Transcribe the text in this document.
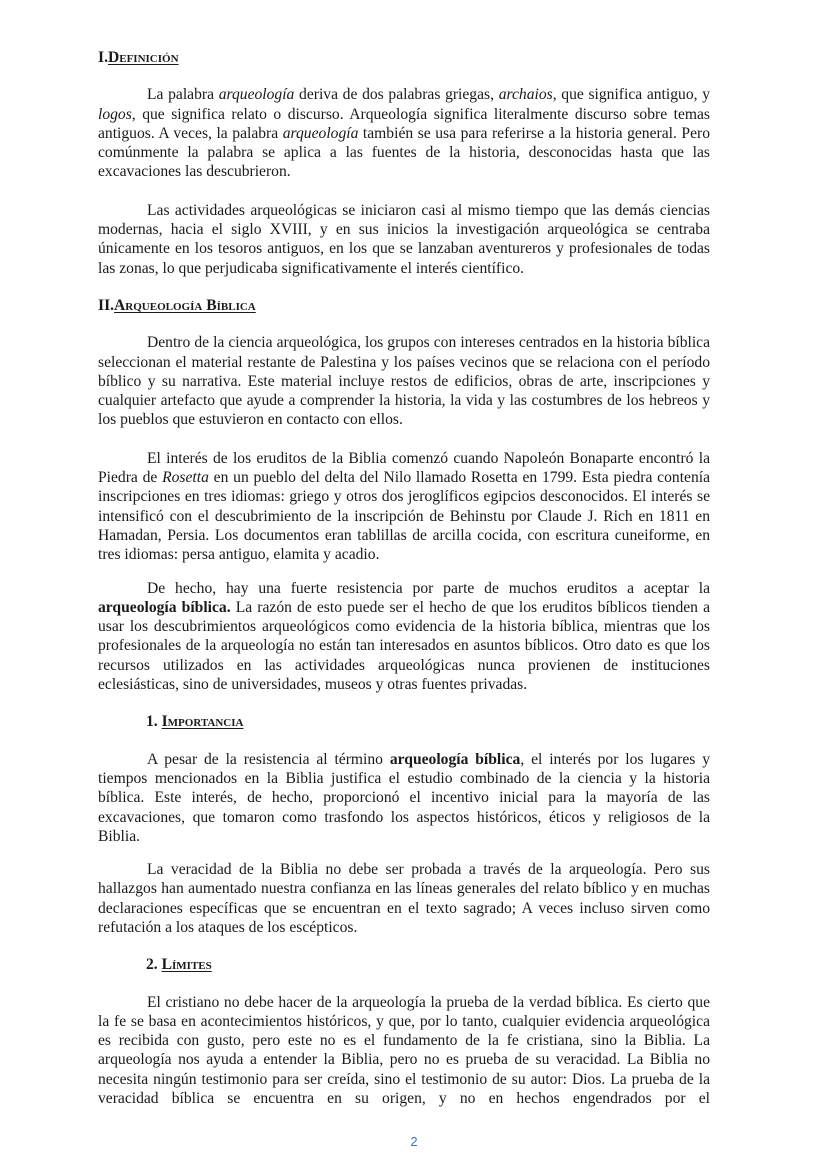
I.Definición

La palabra arqueología deriva de dos palabras griegas, archaios, que significa antiguo, y logos, que significa relato o discurso. Arqueología significa literalmente discurso sobre temas antiguos. A veces, la palabra arqueología también se usa para referirse a la historia general. Pero comúnmente la palabra se aplica a las fuentes de la historia, desconocidas hasta que las excavaciones las descubrieron.

Las actividades arqueológicas se iniciaron casi al mismo tiempo que las demás ciencias modernas, hacia el siglo XVIII, y en sus inicios la investigación arqueológica se centraba únicamente en los tesoros antiguos, en los que se lanzaban aventureros y profesionales de todas las zonas, lo que perjudicaba significativamente el interés científico.

II.Arqueología Bíblica

Dentro de la ciencia arqueológica, los grupos con intereses centrados en la historia bíblica seleccionan el material restante de Palestina y los países vecinos que se relaciona con el período bíblico y su narrativa. Este material incluye restos de edificios, obras de arte, inscripciones y cualquier artefacto que ayude a comprender la historia, la vida y las costumbres de los hebreos y los pueblos que estuvieron en contacto con ellos.

El interés de los eruditos de la Biblia comenzó cuando Napoleón Bonaparte encontró la Piedra de Rosetta en un pueblo del delta del Nilo llamado Rosetta en 1799. Esta piedra contenía inscripciones en tres idiomas: griego y otros dos jeroglíficos egipcios desconocidos. El interés se intensificó con el descubrimiento de la inscripción de Behinstu por Claude J. Rich en 1811 en Hamadan, Persia. Los documentos eran tablillas de arcilla cocida, con escritura cuneiforme, en tres idiomas: persa antiguo, elamita y acadio.

De hecho, hay una fuerte resistencia por parte de muchos eruditos a aceptar la arqueología bíblica. La razón de esto puede ser el hecho de que los eruditos bíblicos tienden a usar los descubrimientos arqueológicos como evidencia de la historia bíblica, mientras que los profesionales de la arqueología no están tan interesados en asuntos bíblicos. Otro dato es que los recursos utilizados en las actividades arqueológicas nunca provienen de instituciones eclesiásticas, sino de universidades, museos y otras fuentes privadas.

1. Importancia

A pesar de la resistencia al término arqueología bíblica, el interés por los lugares y tiempos mencionados en la Biblia justifica el estudio combinado de la ciencia y la historia bíblica. Este interés, de hecho, proporcionó el incentivo inicial para la mayoría de las excavaciones, que tomaron como trasfondo los aspectos históricos, éticos y religiosos de la Biblia.

La veracidad de la Biblia no debe ser probada a través de la arqueología. Pero sus hallazgos han aumentado nuestra confianza en las líneas generales del relato bíblico y en muchas declaraciones específicas que se encuentran en el texto sagrado; A veces incluso sirven como refutación a los ataques de los escépticos.

2. Límites

El cristiano no debe hacer de la arqueología la prueba de la verdad bíblica. Es cierto que la fe se basa en acontecimientos históricos, y que, por lo tanto, cualquier evidencia arqueológica es recibida con gusto, pero este no es el fundamento de la fe cristiana, sino la Biblia. La arqueología nos ayuda a entender la Biblia, pero no es prueba de su veracidad. La Biblia no necesita ningún testimonio para ser creída, sino el testimonio de su autor: Dios. La prueba de la veracidad bíblica se encuentra en su origen, y no en hechos engendrados por el

2
